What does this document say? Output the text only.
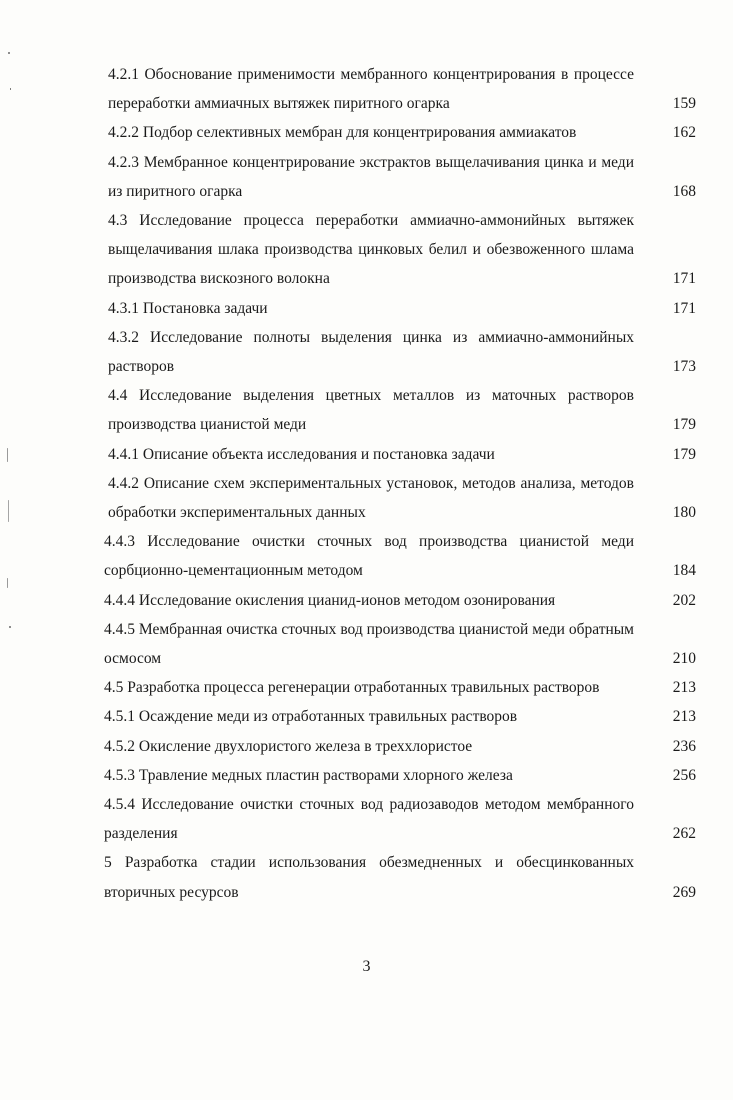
4.2.1 Обоснование применимости мембранного концентрирования в процессе переработки аммиачных вытяжек пиритного огарка	159
4.2.2 Подбор селективных мембран для концентрирования аммиакатов	162
4.2.3 Мембранное концентрирование экстрактов выщелачивания цинка и меди из пиритного огарка	168
4.3 Исследование процесса переработки аммиачно-аммонийных вытяжек выщелачивания шлака производства цинковых белил и обезвоженного шлама производства вискозного волокна	171
4.3.1 Постановка задачи	171
4.3.2 Исследование полноты выделения цинка из аммиачно-аммонийных растворов	173
4.4 Исследование выделения цветных металлов из маточных растворов производства цианистой меди	179
4.4.1 Описание объекта исследования и постановка задачи	179
4.4.2 Описание схем экспериментальных установок, методов анализа, методов обработки экспериментальных данных	180
4.4.3 Исследование очистки сточных вод производства цианистой меди сорбционно-цементационным методом	184
4.4.4 Исследование окисления цианид-ионов методом озонирования	202
4.4.5 Мембранная очистка сточных вод производства цианистой меди обратным осмосом	210
4.5 Разработка процесса регенерации отработанных травильных растворов	213
4.5.1 Осаждение меди из отработанных травильных растворов	213
4.5.2 Окисление двухлористого железа в треххлористое	236
4.5.3 Травление медных пластин растворами хлорного железа	256
4.5.4 Исследование очистки сточных вод радиозаводов методом мембранного разделения	262
5 Разработка стадии использования обезмедненных и обесцинкованных вторичных ресурсов	269
3
